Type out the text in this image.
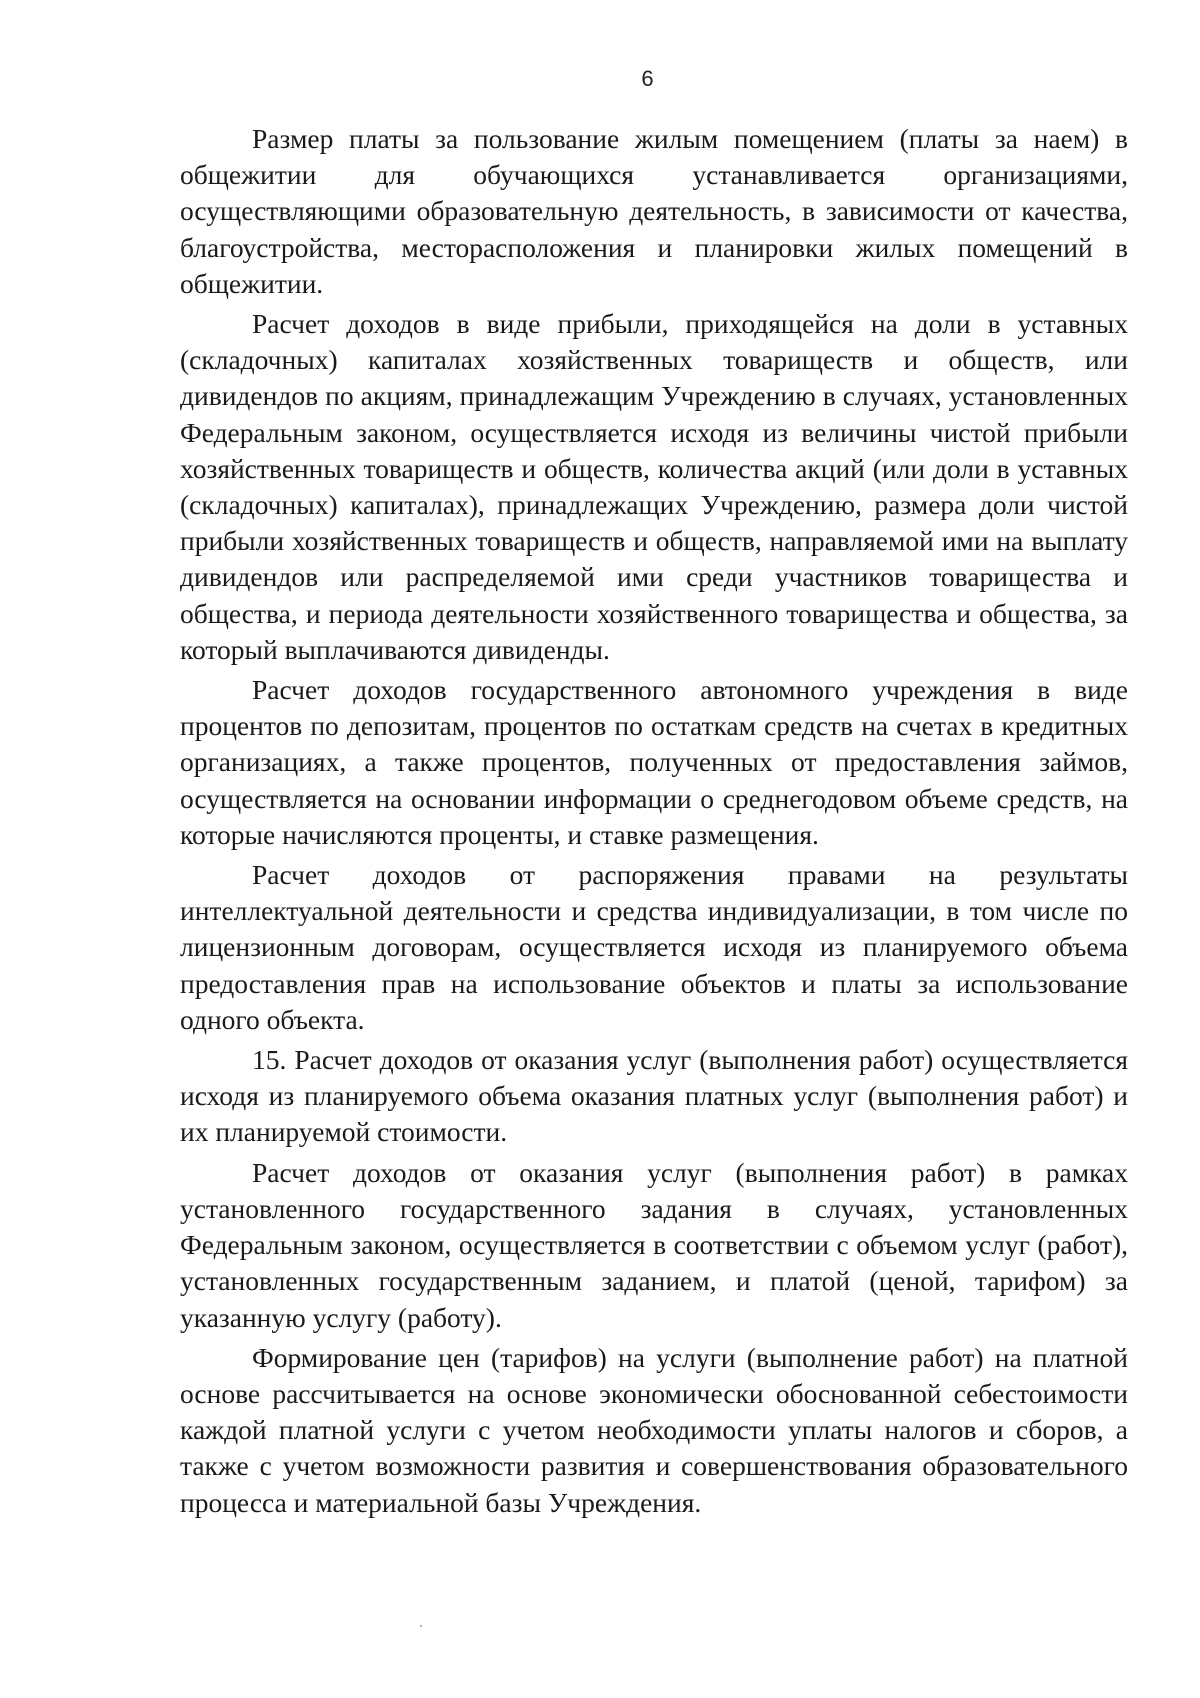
6

Размер платы за пользование жилым помещением (платы за наем) в общежитии для обучающихся устанавливается организациями, осуществляющими образовательную деятельность, в зависимости от качества, благоустройства, месторасположения и планировки жилых помещений в общежитии.

Расчет доходов в виде прибыли, приходящейся на доли в уставных (складочных) капиталах хозяйственных товариществ и обществ, или дивидендов по акциям, принадлежащим Учреждению в случаях, установленных Федеральным законом, осуществляется исходя из величины чистой прибыли хозяйственных товариществ и обществ, количества акций (или доли в уставных (складочных) капиталах), принадлежащих Учреждению, размера доли чистой прибыли хозяйственных товариществ и обществ, направляемой ими на выплату дивидендов или распределяемой ими среди участников товарищества и общества, и периода деятельности хозяйственного товарищества и общества, за который выплачиваются дивиденды.

Расчет доходов государственного автономного учреждения в виде процентов по депозитам, процентов по остаткам средств на счетах в кредитных организациях, а также процентов, полученных от предоставления займов, осуществляется на основании информации о среднегодовом объеме средств, на которые начисляются проценты, и ставке размещения.

Расчет доходов от распоряжения правами на результаты интеллектуальной деятельности и средства индивидуализации, в том числе по лицензионным договорам, осуществляется исходя из планируемого объема предоставления прав на использование объектов и платы за использование одного объекта.

15. Расчет доходов от оказания услуг (выполнения работ) осуществляется исходя из планируемого объема оказания платных услуг (выполнения работ) и их планируемой стоимости.

Расчет доходов от оказания услуг (выполнения работ) в рамках установленного государственного задания в случаях, установленных Федеральным законом, осуществляется в соответствии с объемом услуг (работ), установленных государственным заданием, и платой (ценой, тарифом) за указанную услугу (работу).

Формирование цен (тарифов) на услуги (выполнение работ) на платной основе рассчитывается на основе экономически обоснованной себестоимости каждой платной услуги с учетом необходимости уплаты налогов и сборов, а также с учетом возможности развития и совершенствования образовательного процесса и материальной базы Учреждения.
